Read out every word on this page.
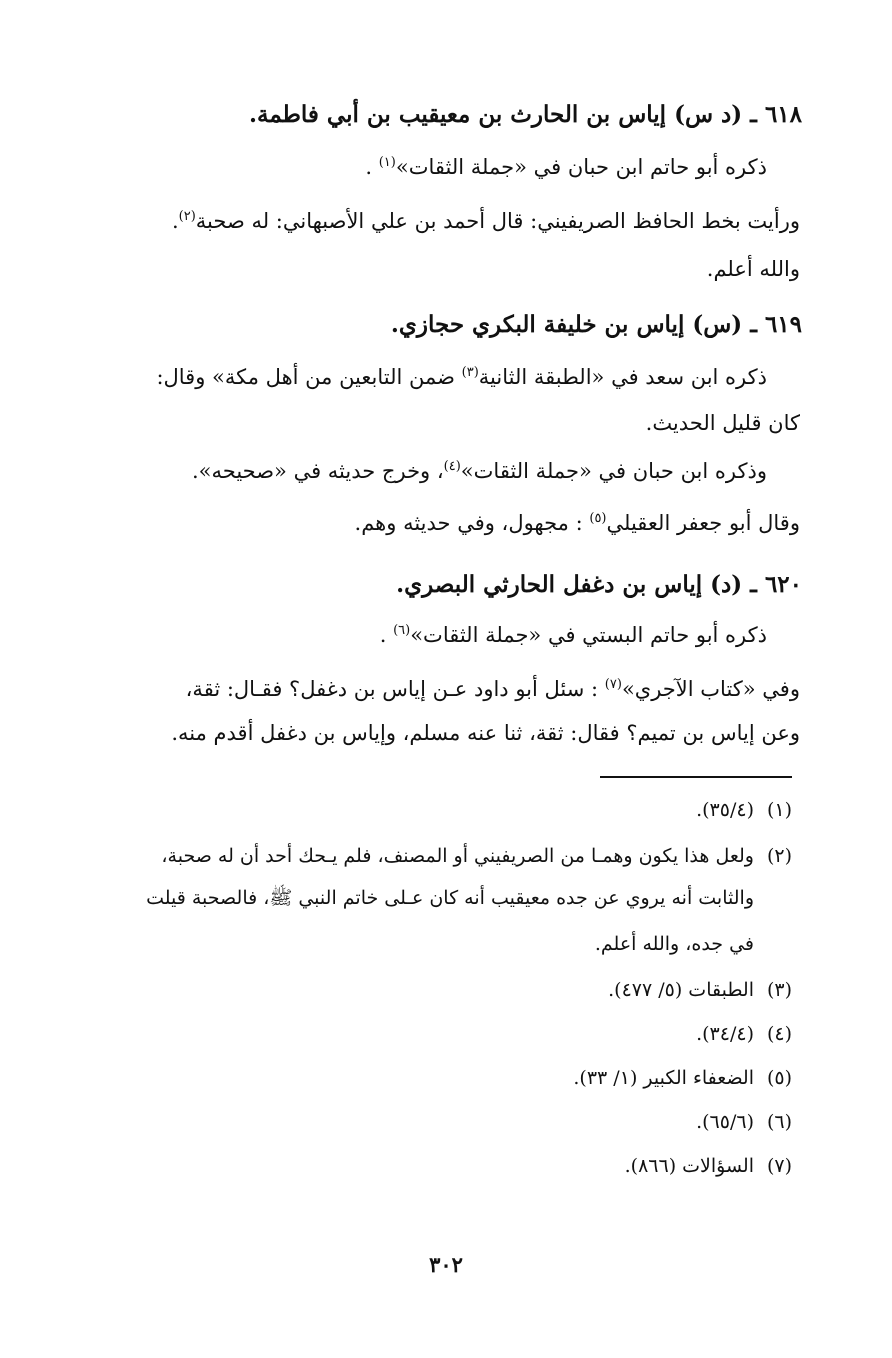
٦١٨ ـ (د س) إياس بن الحارث بن معيقيب بن أبي فاطمة.
ذكره أبو حاتم ابن حبان في «جملة الثقات»$^{(١)}$ .
ورأيت بخط الحافظ الصريفيني: قال أحمد بن علي الأصبهاني: له صحبة$^{(٢)}$.
والله أعلم.
٦١٩ ـ (س) إياس بن خليفة البكري حجازي.
ذكره ابن سعد في «الطبقة الثانية$^{(٣)}$ ضمن التابعين من أهل مكة» وقال:
كان قليل الحديث.
وذكره ابن حبان في «جملة الثقات»$^{(٤)}$، وخرج حديثه في «صحيحه».
وقال أبو جعفر العقيلي$^{(٥)}$ : مجهول، وفي حديثه وهم.
٦٢٠ ـ (د) إياس بن دغفل الحارثي البصري.
ذكره أبو حاتم البستي في «جملة الثقات»$^{(٦)}$ .
وفي «كتاب الآجري»$^{(٧)}$ : سئل أبو داود عـن إياس بن دغفل؟ فقـال: ثقة،
وعن إياس بن تميم؟ فقال: ثقة، ثنا عنه مسلم، وإياس بن دغفل أقدم منه.
(١)(٣٥/٤).
(٢)ولعل هذا يكون وهمـا من الصريفيني أو المصنف، فلم يـحك أحد أن له صحبة،
والثابت أنه يروي عن جده معيقيب أنه كان عـلى خاتم النبي ﷺ، فالصحبة قيلت
في جده، والله أعلم.
(٣)الطبقات (٥/ ٤٧٧).
(٤)(٣٤/٤).
(٥)الضعفاء الكبير (١/ ٣٣).
(٦)(٦٥/٦).
(٧)السؤالات (٨٦٦).
٣٠٢
